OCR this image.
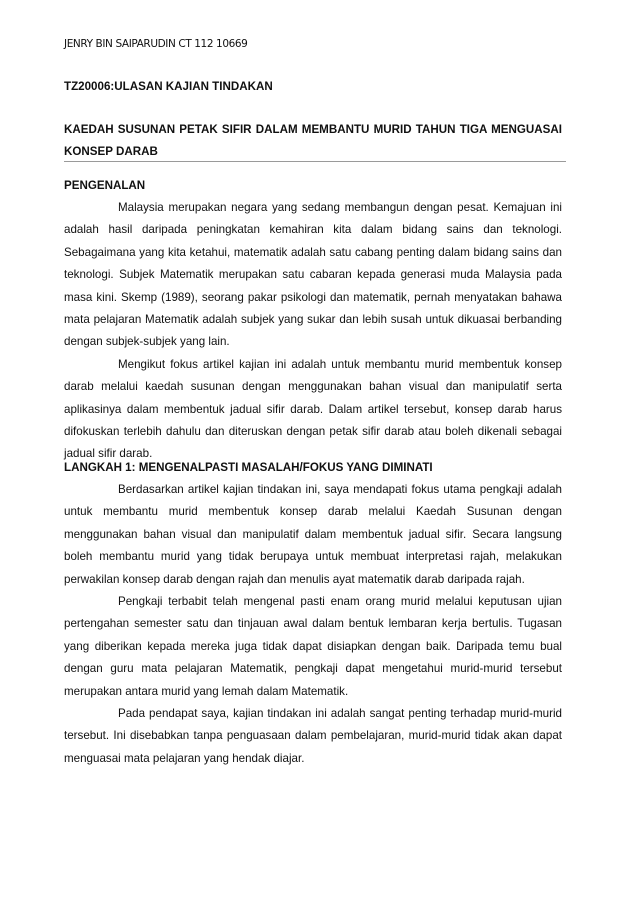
JENRY BIN SAIPARUDIN CT 112 10669
TZ20006:ULASAN KAJIAN TINDAKAN
KAEDAH SUSUNAN PETAK SIFIR DALAM MEMBANTU MURID TAHUN TIGA MENGUASAI KONSEP DARAB

PENGENALAN

Malaysia merupakan negara yang sedang membangun dengan pesat. Kemajuan ini adalah hasil daripada peningkatan kemahiran kita dalam bidang sains dan teknologi. Sebagaimana yang kita ketahui, matematik adalah satu cabang penting dalam bidang sains dan teknologi. Subjek Matematik merupakan satu cabaran kepada generasi muda Malaysia pada masa kini. Skemp (1989), seorang pakar psikologi dan matematik, pernah menyatakan bahawa mata pelajaran Matematik adalah subjek yang sukar dan lebih susah untuk dikuasai berbanding dengan subjek-subjek yang lain.

Mengikut fokus artikel kajian ini adalah untuk membantu murid membentuk konsep darab melalui kaedah susunan dengan menggunakan bahan visual dan manipulatif serta aplikasinya dalam membentuk jadual sifir darab. Dalam artikel tersebut, konsep darab harus difokuskan terlebih dahulu dan diteruskan dengan petak sifir darab atau boleh dikenali sebagai jadual sifir darab.

LANGKAH 1: MENGENALPASTI MASALAH/FOKUS YANG DIMINATI

Berdasarkan artikel kajian tindakan ini, saya mendapati fokus utama pengkaji adalah untuk membantu murid membentuk konsep darab melalui Kaedah Susunan dengan menggunakan bahan visual dan manipulatif dalam membentuk jadual sifir. Secara langsung boleh membantu murid yang tidak berupaya untuk membuat interpretasi rajah, melakukan perwakilan konsep darab dengan rajah dan menulis ayat matematik darab daripada rajah.

Pengkaji terbabit telah mengenal pasti enam orang murid melalui keputusan ujian pertengahan semester satu dan tinjauan awal dalam bentuk lembaran kerja bertulis. Tugasan yang diberikan kepada mereka juga tidak dapat disiapkan dengan baik. Daripada temu bual dengan guru mata pelajaran Matematik, pengkaji dapat mengetahui murid-murid tersebut merupakan antara murid yang lemah dalam Matematik.

Pada pendapat saya, kajian tindakan ini adalah sangat penting terhadap murid-murid tersebut. Ini disebabkan tanpa penguasaan dalam pembelajaran, murid-murid tidak akan dapat menguasai mata pelajaran yang hendak diajar.
